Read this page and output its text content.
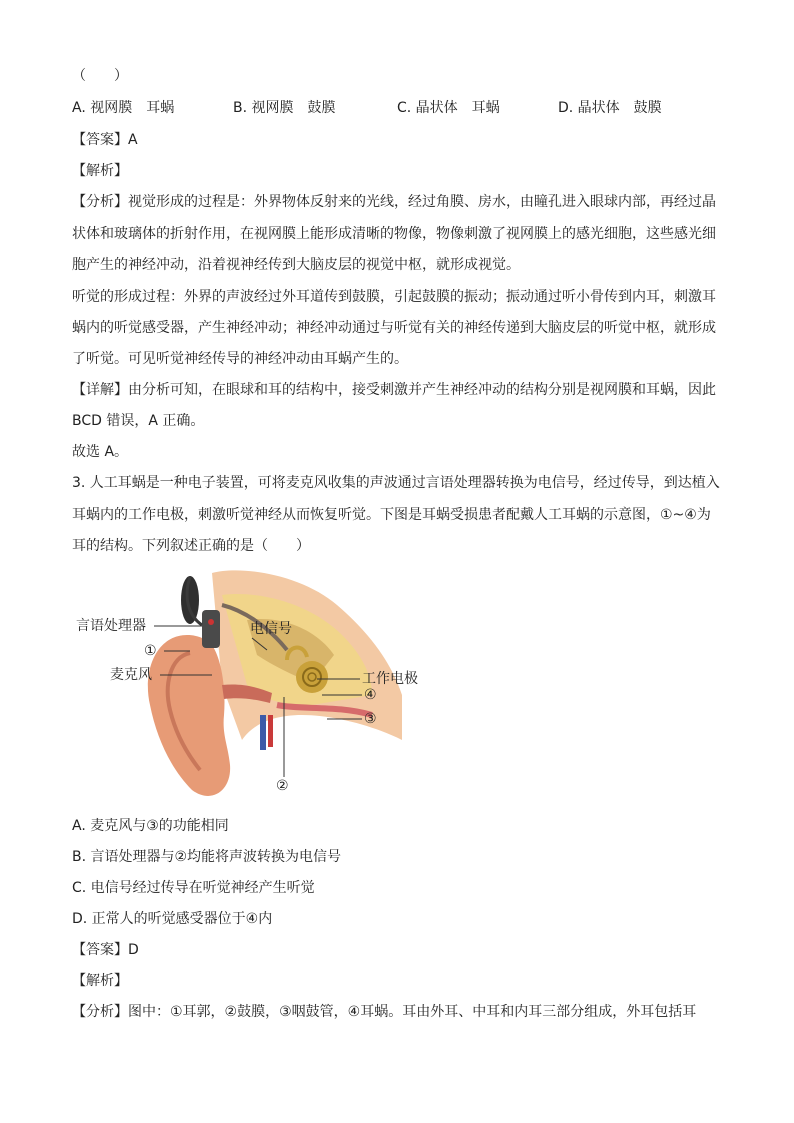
（　　）
A. 视网膜　耳蜗	B. 视网膜　鼓膜	C. 晶状体　耳蜗	D. 晶状体　鼓膜
【答案】A
【解析】
【分析】视觉形成的过程是：外界物体反射来的光线，经过角膜、房水，由瞳孔进入眼球内部，再经过晶
状体和玻璃体的折射作用，在视网膜上能形成清晰的物像，物像刺激了视网膜上的感光细胞，这些感光细
胞产生的神经冲动，沿着视神经传到大脑皮层的视觉中枢，就形成视觉。
听觉的形成过程：外界的声波经过外耳道传到鼓膜，引起鼓膜的振动；振动通过听小骨传到内耳，刺激耳
蜗内的听觉感受器，产生神经冲动；神经冲动通过与听觉有关的神经传递到大脑皮层的听觉中枢，就形成
了听觉。可见听觉神经传导的神经冲动由耳蜗产生的。
【详解】由分析可知，在眼球和耳的结构中，接受刺激并产生神经冲动的结构分别是视网膜和耳蜗，因此
BCD 错误，A 正确。
故选 A。
3. 人工耳蜗是一种电子装置，可将麦克风收集的声波通过言语处理器转换为电信号，经过传导，到达植入
耳蜗内的工作电极，刺激听觉神经从而恢复听觉。下图是耳蜗受损患者配戴人工耳蜗的示意图，①~④为
耳的结构。下列叙述正确的是（　　）
言语处理器	电信号
①
麦克风	工作电极
④
③
②
A. 麦克风与③的功能相同
B. 言语处理器与②均能将声波转换为电信号
C. 电信号经过传导在听觉神经产生听觉
D. 正常人的听觉感受器位于④内
【答案】D
【解析】
【分析】图中：①耳郭，②鼓膜，③咽鼓管，④耳蜗。耳由外耳、中耳和内耳三部分组成，外耳包括耳
